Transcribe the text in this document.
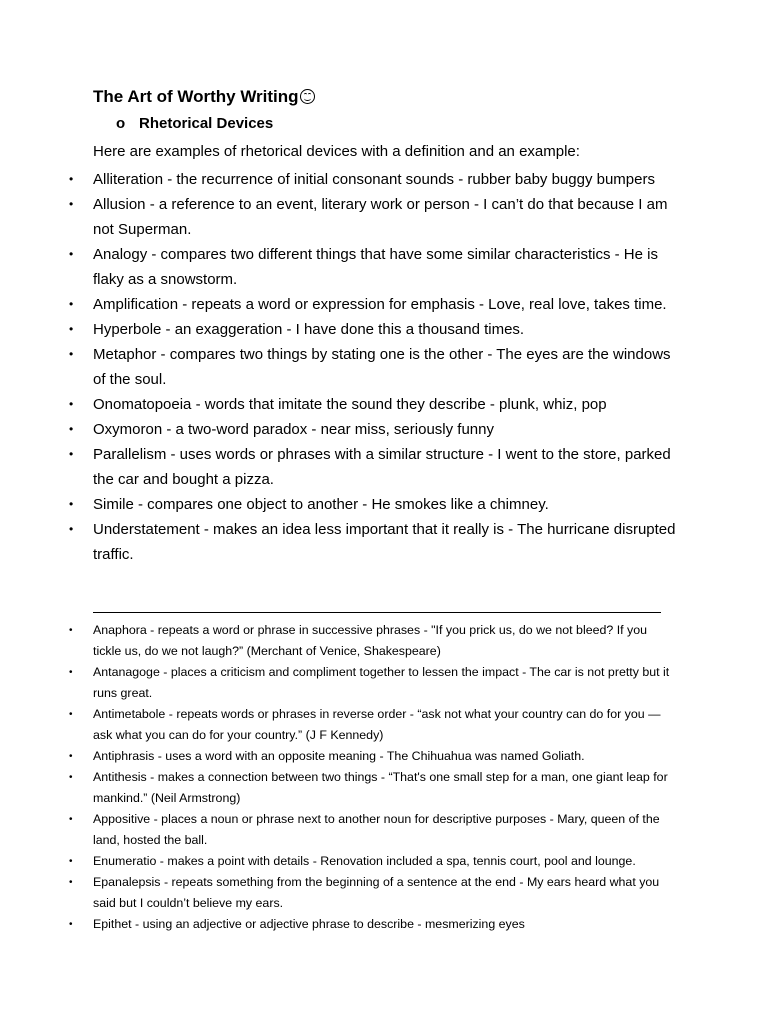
The Art of Worthy Writing
o Rhetorical Devices
Here are examples of rhetorical devices with a definition and an example:
• Alliteration - the recurrence of initial consonant sounds - rubber baby buggy bumpers
• Allusion - a reference to an event, literary work or person - I can’t do that because I am not Superman.
• Analogy - compares two different things that have some similar characteristics - He is flaky as a snowstorm.
• Amplification - repeats a word or expression for emphasis - Love, real love, takes time.
• Hyperbole - an exaggeration - I have done this a thousand times.
• Metaphor - compares two things by stating one is the other - The eyes are the windows of the soul.
• Onomatopoeia - words that imitate the sound they describe - plunk, whiz, pop
• Oxymoron - a two-word paradox - near miss, seriously funny
• Parallelism - uses words or phrases with a similar structure - I went to the store, parked the car and bought a pizza.
• Simile - compares one object to another - He smokes like a chimney.
• Understatement - makes an idea less important that it really is - The hurricane disrupted traffic.
• Anaphora - repeats a word or phrase in successive phrases - "If you prick us, do we not bleed? If you tickle us, do we not laugh?” (Merchant of Venice, Shakespeare)
• Antanagoge - places a criticism and compliment together to lessen the impact - The car is not pretty but it runs great.
• Antimetabole - repeats words or phrases in reverse order - “ask not what your country can do for you — ask what you can do for your country.” (J F Kennedy)
• Antiphrasis - uses a word with an opposite meaning - The Chihuahua was named Goliath.
• Antithesis - makes a connection between two things - “That's one small step for a man, one giant leap for mankind.” (Neil Armstrong)
• Appositive - places a noun or phrase next to another noun for descriptive purposes - Mary, queen of the land, hosted the ball.
• Enumeratio - makes a point with details - Renovation included a spa, tennis court, pool and lounge.
• Epanalepsis - repeats something from the beginning of a sentence at the end - My ears heard what you said but I couldn’t believe my ears.
• Epithet - using an adjective or adjective phrase to describe - mesmerizing eyes
